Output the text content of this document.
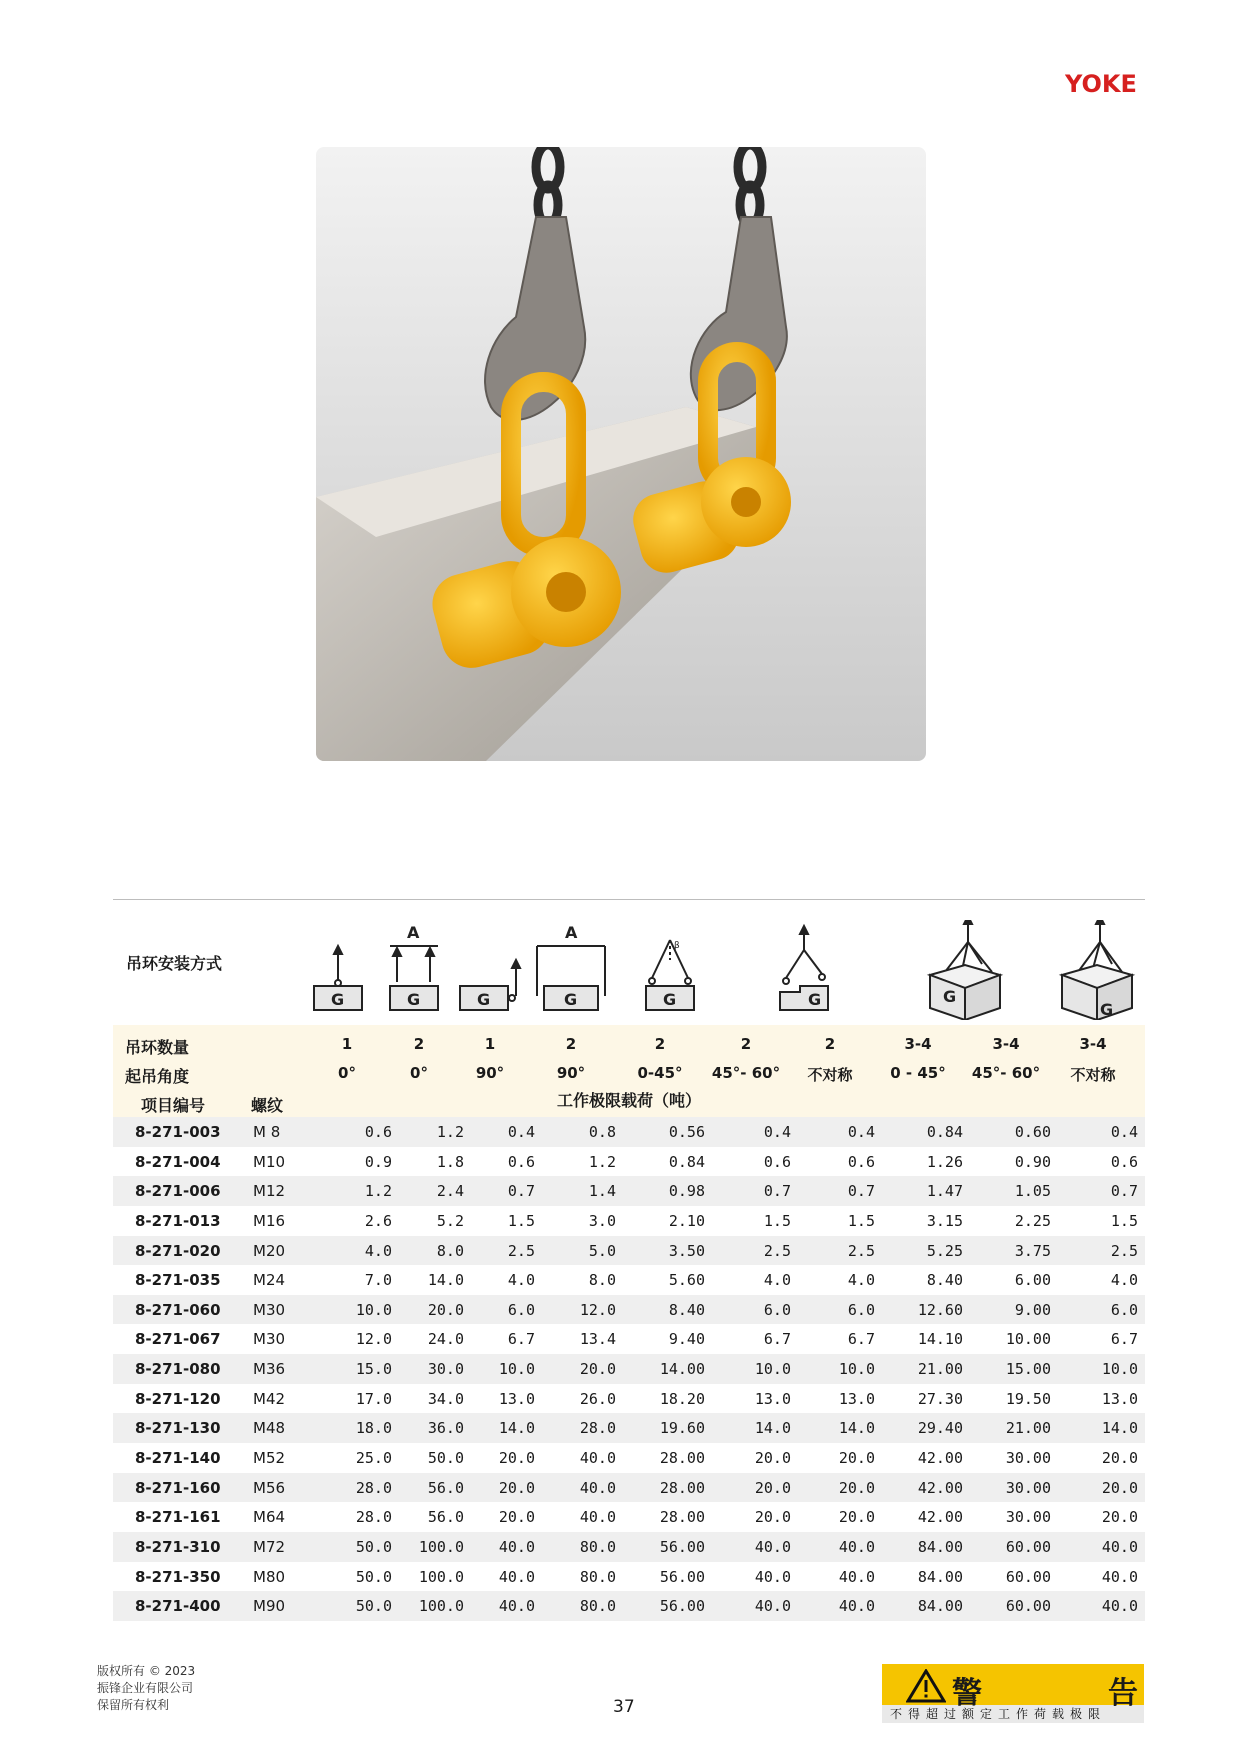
YOKE
吊环安装方式
G
A
G	G
A
G
β
G	G	G
G
吊环数量
起吊角度
项目编号	螺纹	工作极限载荷（吨）
1	2	1	2	2	2	2	3-4	3-4	3-4
0°	0°	90°	90°	0-45°	45°- 60°	不对称	0 - 45°	45°- 60°	不对称
8-271-003 M 8	0.6	1.2	0.4	0.8	0.56	0.4	0.4	0.84	0.60	0.4
8-271-004 M10	0.9	1.8	0.6	1.2	0.84	0.6	0.6	1.26	0.90	0.6
8-271-006 M12	1.2	2.4	0.7	1.4	0.98	0.7	0.7	1.47	1.05	0.7
8-271-013 M16	2.6	5.2	1.5	3.0	2.10	1.5	1.5	3.15	2.25	1.5
8-271-020 M20	4.0	8.0	2.5	5.0	3.50	2.5	2.5	5.25	3.75	2.5
8-271-035 M24	7.0	14.0	4.0	8.0	5.60	4.0	4.0	8.40	6.00	4.0
8-271-060 M30	10.0	20.0	6.0	12.0	8.40	6.0	6.0	12.60	9.00	6.0
8-271-067 M30	12.0	24.0	6.7	13.4	9.40	6.7	6.7	14.10	10.00	6.7
8-271-080 M36	15.0	30.0	10.0	20.0	14.00	10.0	10.0	21.00	15.00	10.0
8-271-120 M42	17.0	34.0	13.0	26.0	18.20	13.0	13.0	27.30	19.50	13.0
8-271-130 M48	18.0	36.0	14.0	28.0	19.60	14.0	14.0	29.40	21.00	14.0
8-271-140 M52	25.0	50.0	20.0	40.0	28.00	20.0	20.0	42.00	30.00	20.0
8-271-160 M56	28.0	56.0	20.0	40.0	28.00	20.0	20.0	42.00	30.00	20.0
8-271-161 M64	28.0	56.0	20.0	40.0	28.00	20.0	20.0	42.00	30.00	20.0
8-271-310 M72	50.0	100.0	40.0	80.0	56.00	40.0	40.0	84.00	60.00	40.0
8-271-350 M80	50.0	100.0	40.0	80.0	56.00	40.0	40.0	84.00	60.00	40.0
8-271-400 M90	50.0	100.0	40.0	80.0	56.00	40.0	40.0	84.00	60.00	40.0
版权所有 © 2023
振锋企业有限公司
保留所有权利	37	警	告
不得超过额定工作荷载极限
